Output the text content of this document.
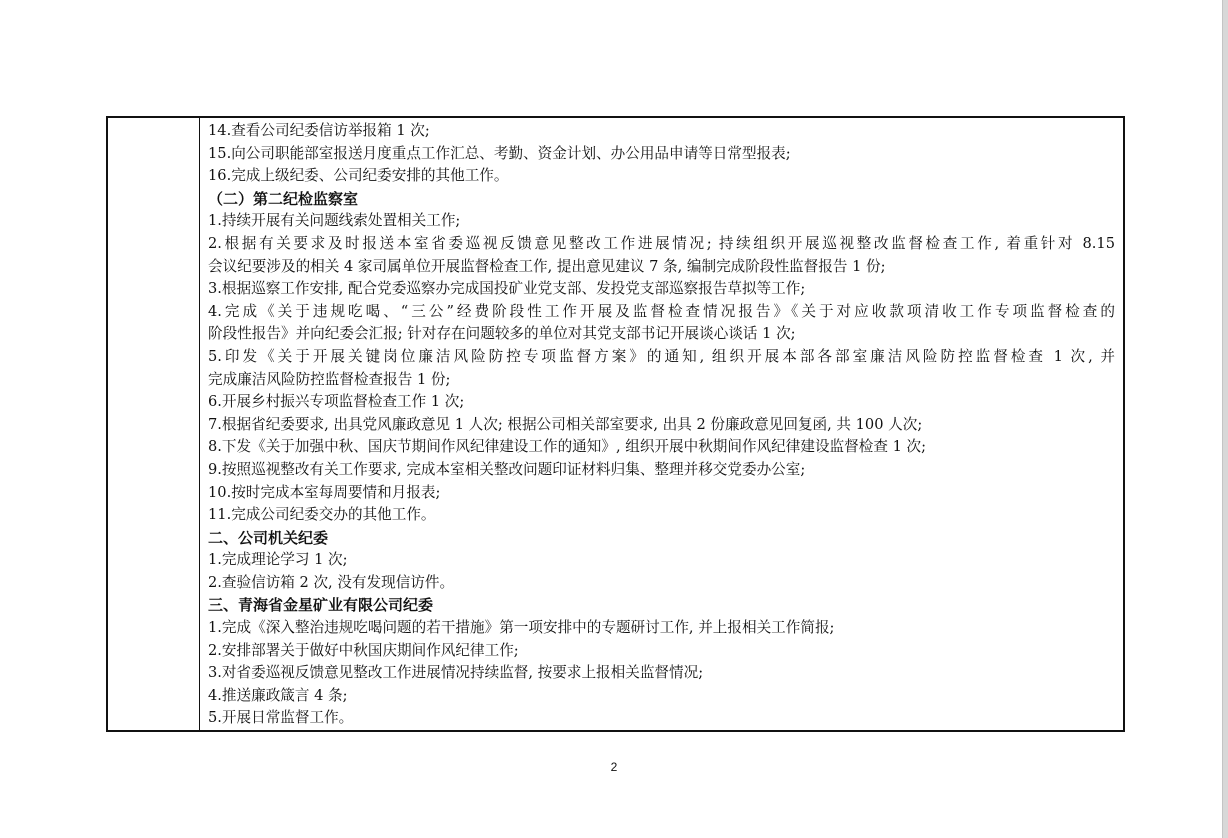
14.查看公司纪委信访举报箱 1 次;
15.向公司职能部室报送月度重点工作汇总、考勤、资金计划、办公用品申请等日常型报表;
16.完成上级纪委、公司纪委安排的其他工作。
（二）第二纪检监察室
1.持续开展有关问题线索处置相关工作;
2.根据有关要求及时报送本室省委巡视反馈意见整改工作进展情况; 持续组织开展巡视整改监督检查工作, 着重针对 8.15
会议纪要涉及的相关 4 家司属单位开展监督检查工作, 提出意见建议 7 条, 编制完成阶段性监督报告 1 份;
3.根据巡察工作安排, 配合党委巡察办完成国投矿业党支部、发投党支部巡察报告草拟等工作;
4.完成《关于违规吃喝、“三公”经费阶段性工作开展及监督检查情况报告》《关于对应收款项清收工作专项监督检查的
阶段性报告》并向纪委会汇报; 针对存在问题较多的单位对其党支部书记开展谈心谈话 1 次;
5.印发《关于开展关键岗位廉洁风险防控专项监督方案》的通知, 组织开展本部各部室廉洁风险防控监督检查 1 次, 并
完成廉洁风险防控监督检查报告 1 份;
6.开展乡村振兴专项监督检查工作 1 次;
7.根据省纪委要求, 出具党风廉政意见 1 人次; 根据公司相关部室要求, 出具 2 份廉政意见回复函, 共 100 人次;
8.下发《关于加强中秋、国庆节期间作风纪律建设工作的通知》, 组织开展中秋期间作风纪律建设监督检查 1 次;
9.按照巡视整改有关工作要求, 完成本室相关整改问题印证材料归集、整理并移交党委办公室;
10.按时完成本室每周要情和月报表;
11.完成公司纪委交办的其他工作。
二、公司机关纪委
1.完成理论学习 1 次;
2.查验信访箱 2 次, 没有发现信访件。
三、青海省金星矿业有限公司纪委
1.完成《深入整治违规吃喝问题的若干措施》第一项安排中的专题研讨工作, 并上报相关工作简报;
2.安排部署关于做好中秋国庆期间作风纪律工作;
3.对省委巡视反馈意见整改工作进展情况持续监督, 按要求上报相关监督情况;
4.推送廉政箴言 4 条;
5.开展日常监督工作。
2
